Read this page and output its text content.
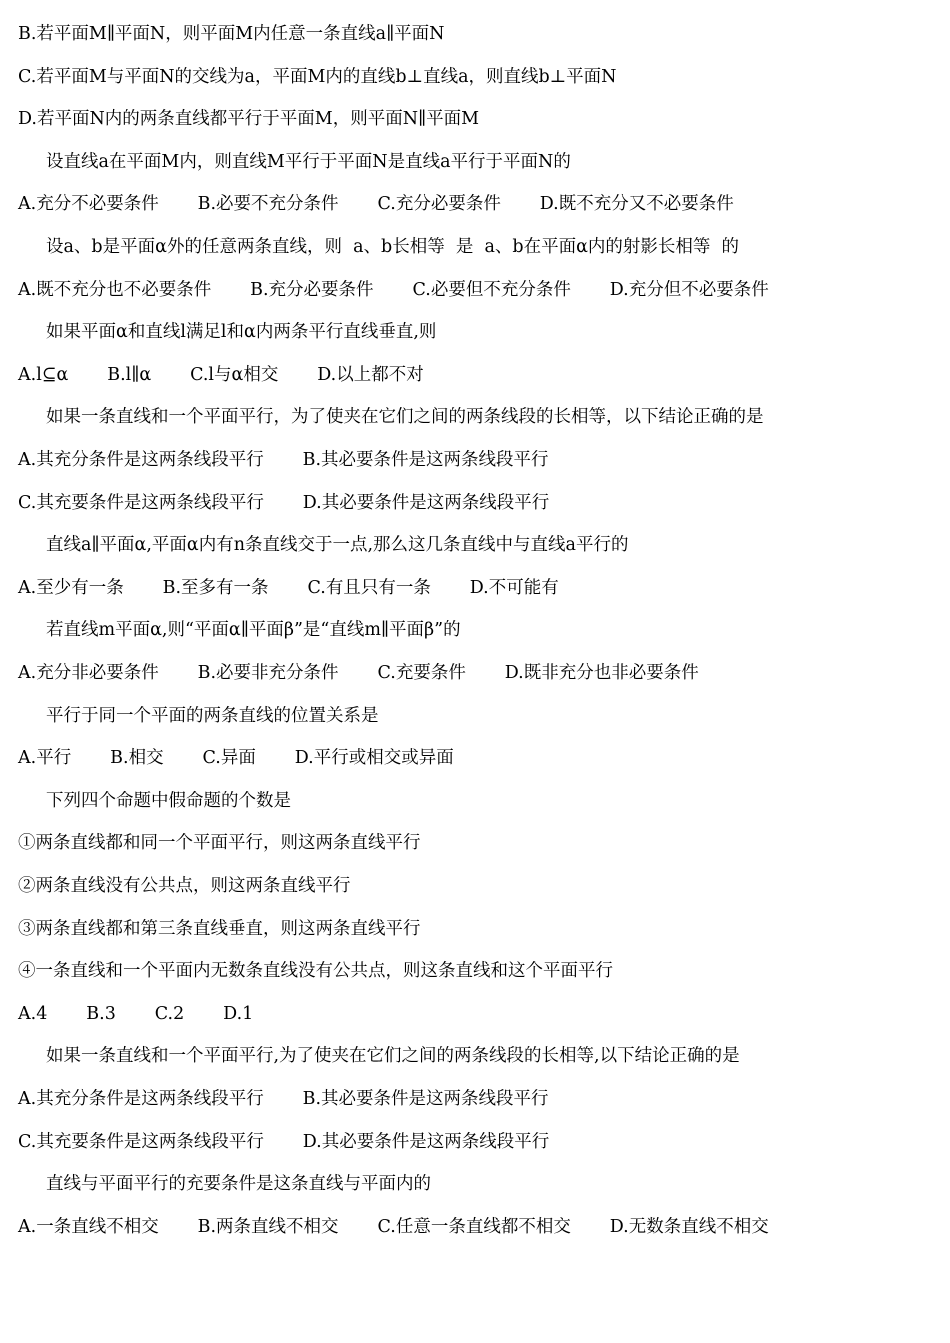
B.若平面M∥平面N，则平面M内任意一条直线a∥平面N
C.若平面M与平面N的交线为a，平面M内的直线b⊥直线a，则直线b⊥平面N
D.若平面N内的两条直线都平行于平面M，则平面N∥平面M
设直线a在平面M内，则直线M平行于平面N是直线a平行于平面N的
A.充分不必要条件       B.必要不充分条件       C.充分必要条件       D.既不充分又不必要条件
设a、b是平面α外的任意两条直线，则  a、b长相等  是  a、b在平面α内的射影长相等  的
A.既不充分也不必要条件       B.充分必要条件       C.必要但不充分条件       D.充分但不必要条件
如果平面α和直线l满足l和α内两条平行直线垂直,则
A.l⊆α       B.l∥α       C.l与α相交       D.以上都不对
如果一条直线和一个平面平行，为了使夹在它们之间的两条线段的长相等，以下结论正确的是
A.其充分条件是这两条线段平行       B.其必要条件是这两条线段平行
C.其充要条件是这两条线段平行       D.其必要条件是这两条线段平行
直线a∥平面α,平面α内有n条直线交于一点,那么这几条直线中与直线a平行的
A.至少有一条       B.至多有一条       C.有且只有一条       D.不可能有
若直线m平面α,则“平面α∥平面β”是“直线m∥平面β”的
A.充分非必要条件       B.必要非充分条件       C.充要条件       D.既非充分也非必要条件
平行于同一个平面的两条直线的位置关系是
A.平行       B.相交       C.异面       D.平行或相交或异面
下列四个命题中假命题的个数是
①两条直线都和同一个平面平行，则这两条直线平行
②两条直线没有公共点，则这两条直线平行
③两条直线都和第三条直线垂直，则这两条直线平行
④一条直线和一个平面内无数条直线没有公共点，则这条直线和这个平面平行
A.4       B.3       C.2       D.1
如果一条直线和一个平面平行,为了使夹在它们之间的两条线段的长相等,以下结论正确的是
A.其充分条件是这两条线段平行       B.其必要条件是这两条线段平行
C.其充要条件是这两条线段平行       D.其必要条件是这两条线段平行
直线与平面平行的充要条件是这条直线与平面内的
A.一条直线不相交       B.两条直线不相交       C.任意一条直线都不相交       D.无数条直线不相交
